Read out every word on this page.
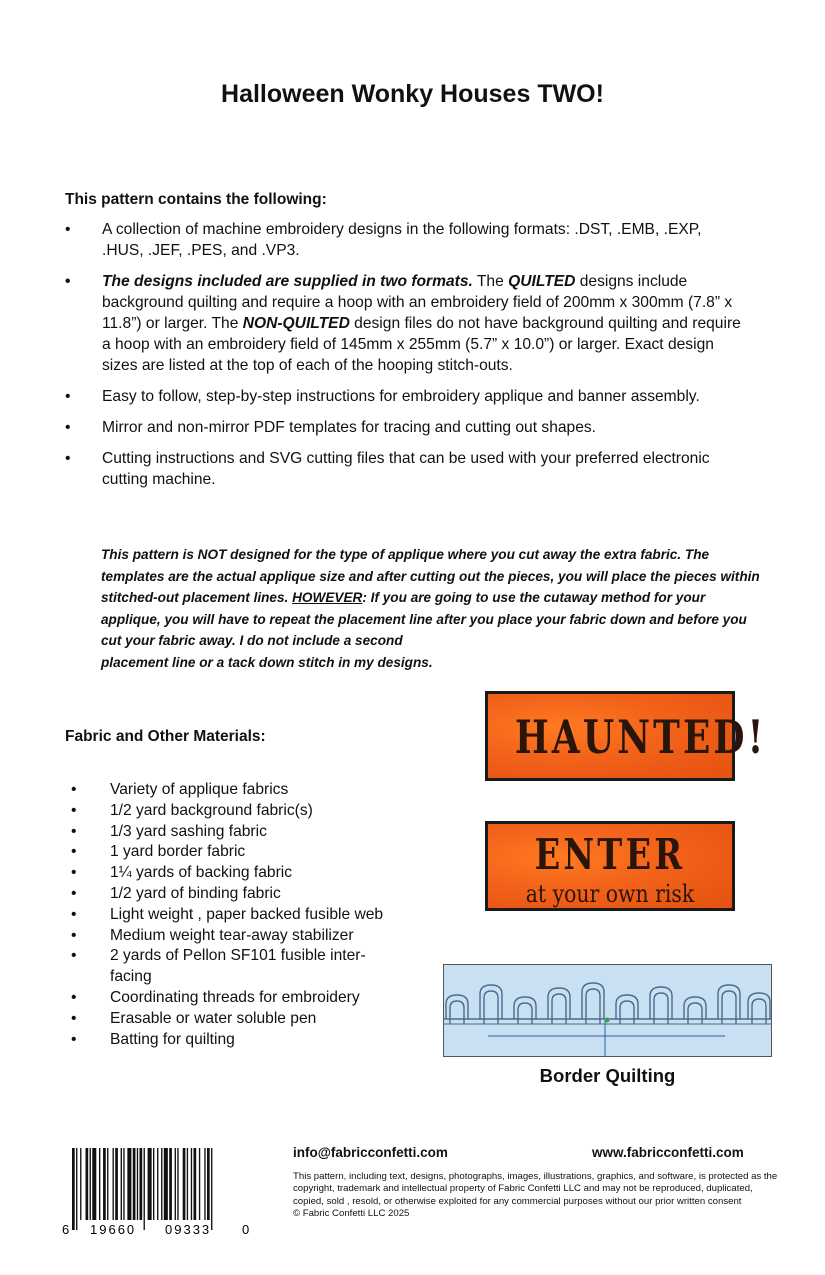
Halloween Wonky Houses TWO!
This pattern contains the following:
• A collection of machine embroidery designs in the following formats: .DST, .EMB, .EXP, .HUS, .JEF, .PES, and .VP3.
• The designs included are supplied in two formats. The QUILTED designs include background quilting and require a hoop with an embroidery field of 200mm x 300mm (7.8” x 11.8”) or larger. The NON-QUILTED design files do not have background quilting and require a hoop with an embroidery field of 145mm x 255mm (5.7” x 10.0”) or larger. Exact design sizes are listed at the top of each of the hooping stitch-outs.
• Easy to follow, step-by-step instructions for embroidery applique and banner assembly.
• Mirror and non-mirror PDF templates for tracing and cutting out shapes.
• Cutting instructions and SVG cutting files that can be used with your preferred electronic cutting machine.
This pattern is NOT designed for the type of applique where you cut away the extra fabric. The templates are the actual applique size and after cutting out the pieces, you will place the pieces within stitched-out placement lines. HOWEVER: If you are going to use the cutaway method for your applique, you will have to repeat the placement line after you place your fabric down and before you cut your fabric away. I do not include a second
placement line or a tack down stitch in my designs.
Fabric and Other Materials:
• Variety of applique fabrics
• 1/2 yard background fabric(s)
• 1/3 yard sashing fabric
• 1 yard border fabric
• 1¼ yards of backing fabric
• 1/2 yard of binding fabric
• Light weight , paper backed fusible web
• Medium weight tear-away stabilizer
• 2 yards of Pellon SF101 fusible inter-facing
• Coordinating threads for embroidery
• Erasable or water soluble pen
• Batting for quilting
HAUNTED!
ENTER
at your own risk
Border Quilting
6 19660 09333 0
info@fabricconfetti.com	www.fabricconfetti.com
This pattern, including text, designs, photographs, images, illustrations, graphics, and software, is protected as the copyright, trademark and intellectual property of Fabric Confetti LLC and may not be reproduced, duplicated, copied, sold , resold, or otherwise exploited for any commercial purposes without our prior written consent
© Fabric Confetti LLC 2025
